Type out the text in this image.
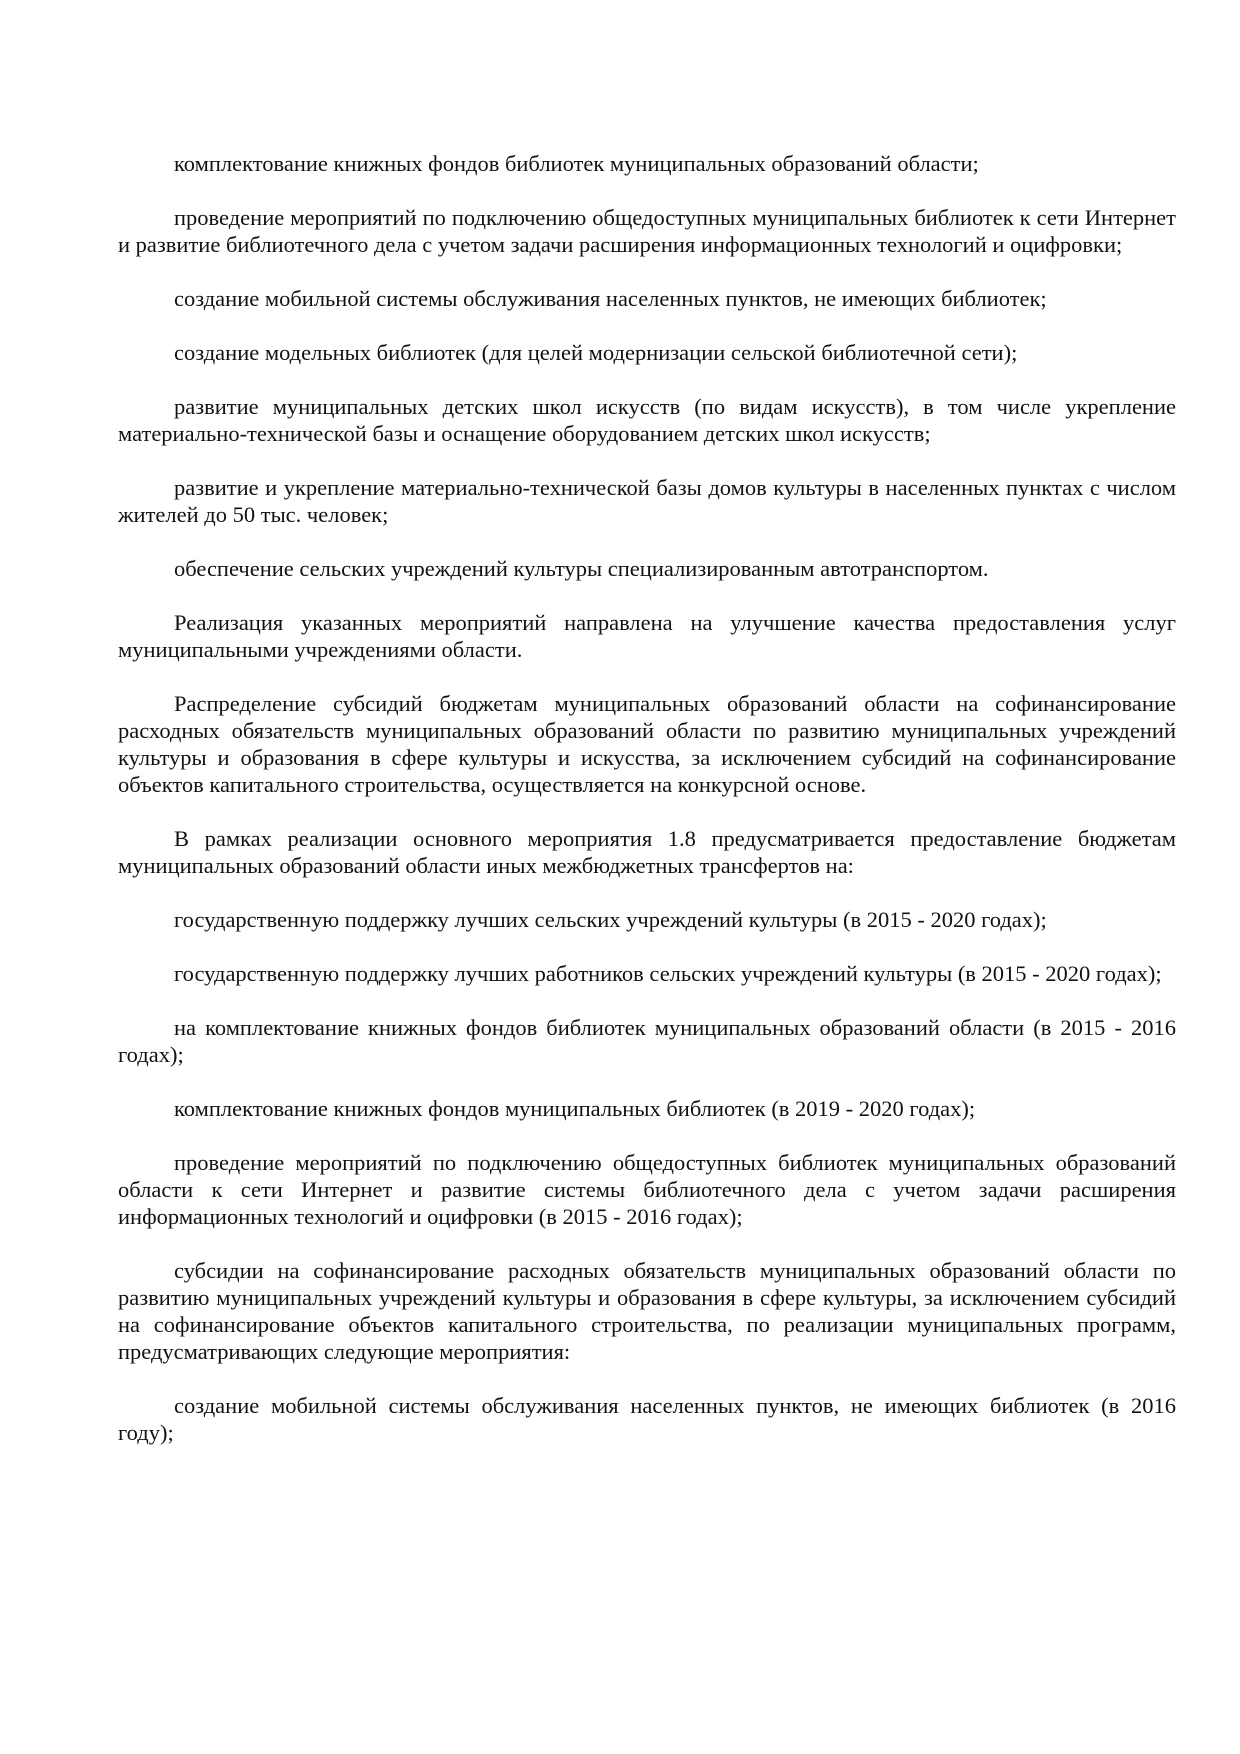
комплектование книжных фондов библиотек муниципальных образований области;

проведение мероприятий по подключению общедоступных муниципальных библиотек к сети Интернет и развитие библиотечного дела с учетом задачи расширения информационных технологий и оцифровки;

создание мобильной системы обслуживания населенных пунктов, не имеющих библиотек;

создание модельных библиотек (для целей модернизации сельской библиотечной сети);

развитие муниципальных детских школ искусств (по видам искусств), в том числе укрепление материально-технической базы и оснащение оборудованием детских школ искусств;

развитие и укрепление материально-технической базы домов культуры в населенных пунктах с числом жителей до 50 тыс. человек;

обеспечение сельских учреждений культуры специализированным автотранспортом.

Реализация указанных мероприятий направлена на улучшение качества предоставления услуг муниципальными учреждениями области.

Распределение субсидий бюджетам муниципальных образований области на софинансирование расходных обязательств муниципальных образований области по развитию муниципальных учреждений культуры и образования в сфере культуры и искусства, за исключением субсидий на софинансирование объектов капитального строительства, осуществляется на конкурсной основе.

В рамках реализации основного мероприятия 1.8 предусматривается предоставление бюджетам муниципальных образований области иных межбюджетных трансфертов на:

государственную поддержку лучших сельских учреждений культуры (в 2015 - 2020 годах);

государственную поддержку лучших работников сельских учреждений культуры (в 2015 - 2020 годах);

на комплектование книжных фондов библиотек муниципальных образований области (в 2015 - 2016 годах);

комплектование книжных фондов муниципальных библиотек (в 2019 - 2020 годах);

проведение мероприятий по подключению общедоступных библиотек муниципальных образований области к сети Интернет и развитие системы библиотечного дела с учетом задачи расширения информационных технологий и оцифровки (в 2015 - 2016 годах);

субсидии на софинансирование расходных обязательств муниципальных образований области по развитию муниципальных учреждений культуры и образования в сфере культуры, за исключением субсидий на софинансирование объектов капитального строительства, по реализации муниципальных программ, предусматривающих следующие мероприятия:

создание мобильной системы обслуживания населенных пунктов, не имеющих библиотек (в 2016 году);
